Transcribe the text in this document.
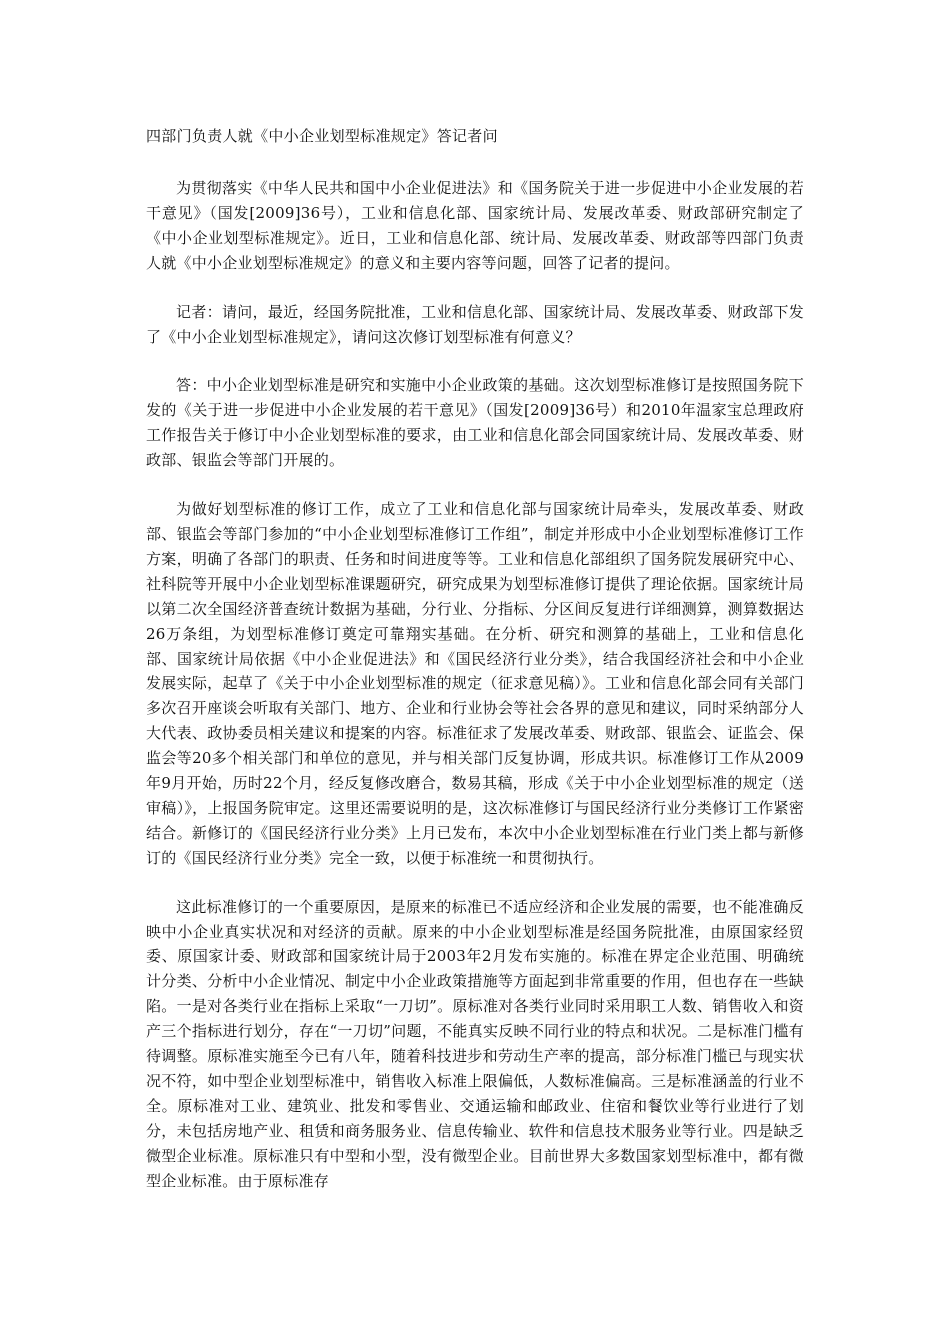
四部门负责人就《中小企业划型标准规定》答记者问

为贯彻落实《中华人民共和国中小企业促进法》和《国务院关于进一步促进中小企业发展的若干意见》（国发[2009]36号），工业和信息化部、国家统计局、发展改革委、财政部研究制定了《中小企业划型标准规定》。近日，工业和信息化部、统计局、发展改革委、财政部等四部门负责人就《中小企业划型标准规定》的意义和主要内容等问题，回答了记者的提问。

记者：请问，最近，经国务院批准，工业和信息化部、国家统计局、发展改革委、财政部下发了《中小企业划型标准规定》，请问这次修订划型标准有何意义？

答：中小企业划型标准是研究和实施中小企业政策的基础。这次划型标准修订是按照国务院下发的《关于进一步促进中小企业发展的若干意见》（国发[2009]36号）和2010年温家宝总理政府工作报告关于修订中小企业划型标准的要求，由工业和信息化部会同国家统计局、发展改革委、财政部、银监会等部门开展的。

为做好划型标准的修订工作，成立了工业和信息化部与国家统计局牵头，发展改革委、财政部、银监会等部门参加的“中小企业划型标准修订工作组”，制定并形成中小企业划型标准修订工作方案，明确了各部门的职责、任务和时间进度等等。工业和信息化部组织了国务院发展研究中心、社科院等开展中小企业划型标准课题研究，研究成果为划型标准修订提供了理论依据。国家统计局以第二次全国经济普查统计数据为基础，分行业、分指标、分区间反复进行详细测算，测算数据达26万条组，为划型标准修订奠定可靠翔实基础。在分析、研究和测算的基础上，工业和信息化部、国家统计局依据《中小企业促进法》和《国民经济行业分类》，结合我国经济社会和中小企业发展实际，起草了《关于中小企业划型标准的规定（征求意见稿）》。工业和信息化部会同有关部门多次召开座谈会听取有关部门、地方、企业和行业协会等社会各界的意见和建议，同时采纳部分人大代表、政协委员相关建议和提案的内容。标准征求了发展改革委、财政部、银监会、证监会、保监会等20多个相关部门和单位的意见，并与相关部门反复协调，形成共识。标准修订工作从2009年9月开始，历时22个月，经反复修改磨合，数易其稿，形成《关于中小企业划型标准的规定（送审稿）》，上报国务院审定。这里还需要说明的是，这次标准修订与国民经济行业分类修订工作紧密结合。新修订的《国民经济行业分类》上月已发布，本次中小企业划型标准在行业门类上都与新修订的《国民经济行业分类》完全一致，以便于标准统一和贯彻执行。

这此标准修订的一个重要原因，是原来的标准已不适应经济和企业发展的需要，也不能准确反映中小企业真实状况和对经济的贡献。原来的中小企业划型标准是经国务院批准，由原国家经贸委、原国家计委、财政部和国家统计局于2003年2月发布实施的。标准在界定企业范围、明确统计分类、分析中小企业情况、制定中小企业政策措施等方面起到非常重要的作用，但也存在一些缺陷。一是对各类行业在指标上采取“一刀切”。原标准对各类行业同时采用职工人数、销售收入和资产三个指标进行划分，存在“一刀切”问题，不能真实反映不同行业的特点和状况。二是标准门槛有待调整。原标准实施至今已有八年，随着科技进步和劳动生产率的提高，部分标准门槛已与现实状况不符，如中型企业划型标准中，销售收入标准上限偏低，人数标准偏高。三是标准涵盖的行业不全。原标准对工业、建筑业、批发和零售业、交通运输和邮政业、住宿和餐饮业等行业进行了划分，未包括房地产业、租赁和商务服务业、信息传输业、软件和信息技术服务业等行业。四是缺乏微型企业标准。原标准只有中型和小型，没有微型企业。目前世界大多数国家划型标准中，都有微型企业标准。由于原标准存
